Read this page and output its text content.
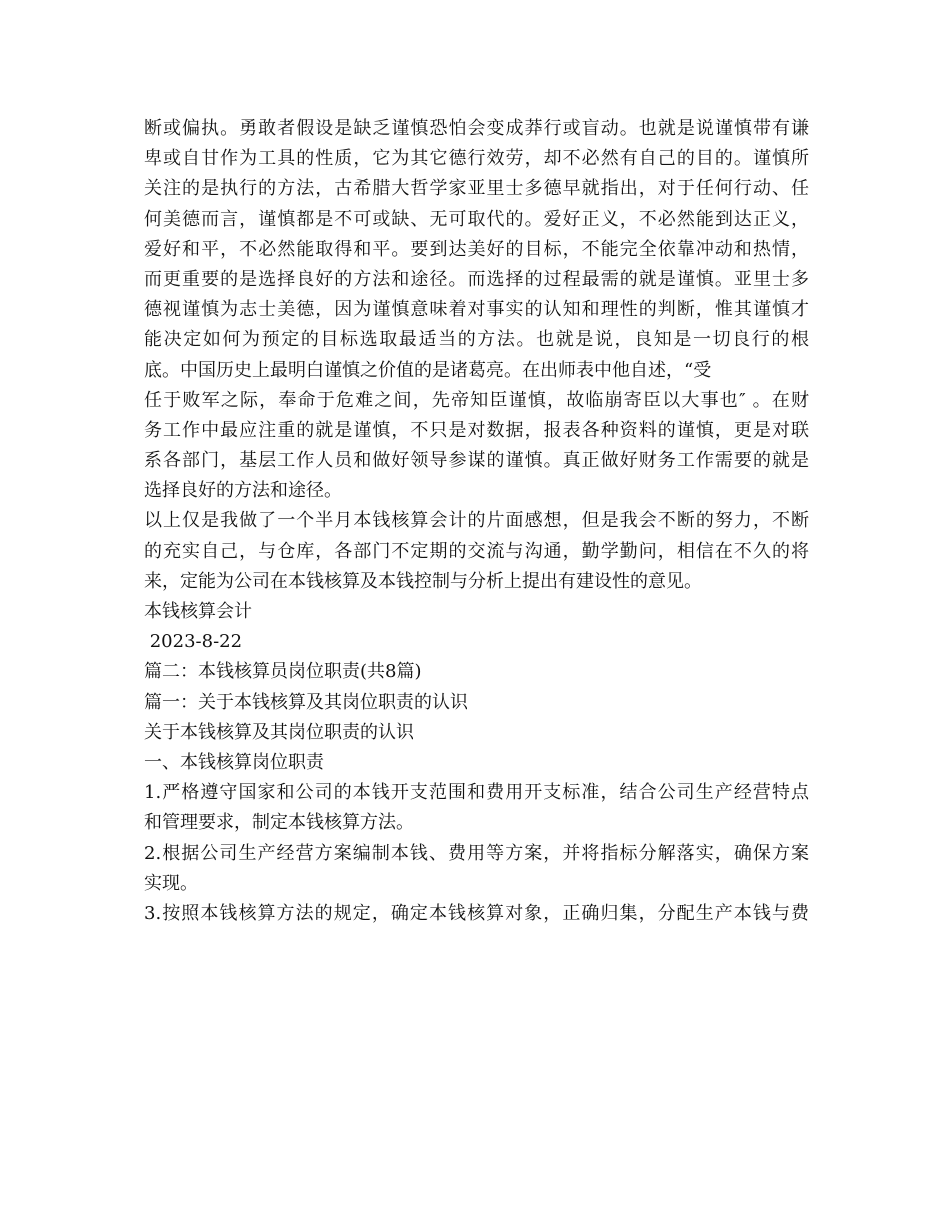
断或偏执。勇敢者假设是缺乏谨慎恐怕会变成莽行或盲动。也就是说谨慎带有谦
卑或自甘作为工具的性质，它为其它德行效劳，却不必然有自己的目的。谨慎所
关注的是执行的方法，古希腊大哲学家亚里士多德早就指出，对于任何行动、任
何美德而言，谨慎都是不可或缺、无可取代的。爱好正义，不必然能到达正义，
爱好和平，不必然能取得和平。要到达美好的目标，不能完全依靠冲动和热情，
而更重要的是选择良好的方法和途径。而选择的过程最需的就是谨慎。亚里士多
德视谨慎为志士美德，因为谨慎意味着对事实的认知和理性的判断，惟其谨慎才
能决定如何为预定的目标选取最适当的方法。也就是说，良知是一切良行的根
底。中国历史上最明白谨慎之价值的是诸葛亮。在出师表中他自述，“受
任于败军之际，奉命于危难之间，先帝知臣谨慎，故临崩寄臣以大事也″ 。在财
务工作中最应注重的就是谨慎，不只是对数据，报表各种资料的谨慎，更是对联
系各部门，基层工作人员和做好领导参谋的谨慎。真正做好财务工作需要的就是
选择良好的方法和途径。
以上仅是我做了一个半月本钱核算会计的片面感想，但是我会不断的努力，不断
的充实自己，与仓库，各部门不定期的交流与沟通，勤学勤问，相信在不久的将
来，定能为公司在本钱核算及本钱控制与分析上提出有建设性的意见。
本钱核算会计
2023-8-22
篇二：本钱核算员岗位职责(共8篇)
篇一：关于本钱核算及其岗位职责的认识
关于本钱核算及其岗位职责的认识
一、本钱核算岗位职责
1.严格遵守国家和公司的本钱开支范围和费用开支标准，结合公司生产经营特点
和管理要求，制定本钱核算方法。
2.根据公司生产经营方案编制本钱、费用等方案，并将指标分解落实，确保方案
实现。
3.按照本钱核算方法的规定，确定本钱核算对象，正确归集，分配生产本钱与费
